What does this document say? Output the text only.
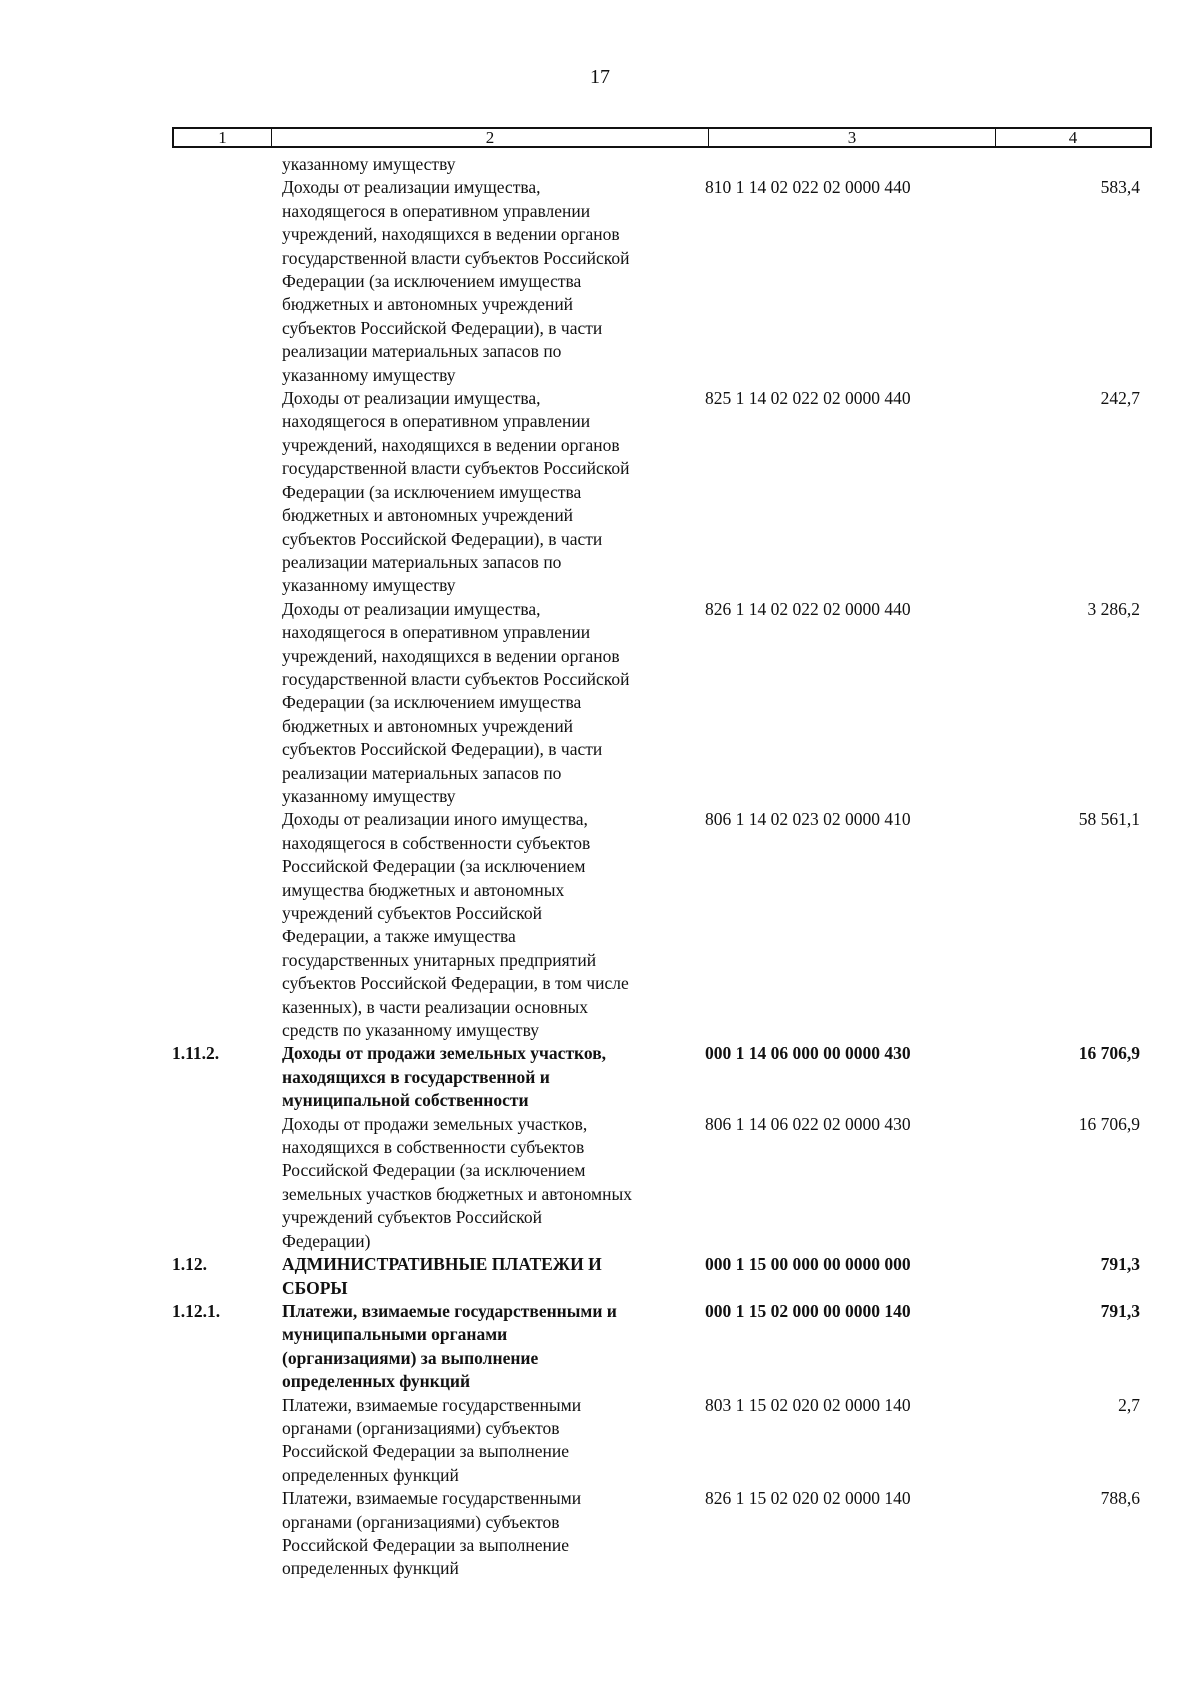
17
1	2	3	4
указанному имуществу
Доходы от реализации имущества,
находящегося в оперативном управлении
учреждений, находящихся в ведении органов
государственной власти субъектов Российской
Федерации (за исключением имущества
бюджетных и автономных учреждений
субъектов Российской Федерации), в части
реализации материальных запасов по
указанному имуществу
810 1 14 02 022 02 0000 440	583,4
Доходы от реализации имущества,
находящегося в оперативном управлении
учреждений, находящихся в ведении органов
государственной власти субъектов Российской
Федерации (за исключением имущества
бюджетных и автономных учреждений
субъектов Российской Федерации), в части
реализации материальных запасов по
указанному имуществу
825 1 14 02 022 02 0000 440	242,7
Доходы от реализации имущества,
находящегося в оперативном управлении
учреждений, находящихся в ведении органов
государственной власти субъектов Российской
Федерации (за исключением имущества
бюджетных и автономных учреждений
субъектов Российской Федерации), в части
реализации материальных запасов по
указанному имуществу
826 1 14 02 022 02 0000 440	3 286,2
Доходы от реализации иного имущества,
находящегося в собственности субъектов
Российской Федерации (за исключением
имущества бюджетных и автономных
учреждений субъектов Российской
Федерации, а также имущества
государственных унитарных предприятий
субъектов Российской Федерации, в том числе
казенных), в части реализации основных
средств по указанному имуществу
806 1 14 02 023 02 0000 410	58 561,1
1.11.2.	Доходы от продажи земельных участков,
находящихся в государственной и
муниципальной собственности
000 1 14 06 000 00 0000 430	16 706,9
Доходы от продажи земельных участков,
находящихся в собственности субъектов
Российской Федерации (за исключением
земельных участков бюджетных и автономных
учреждений субъектов Российской
Федерации)
806 1 14 06 022 02 0000 430	16 706,9
1.12.	АДМИНИСТРАТИВНЫЕ ПЛАТЕЖИ И
СБОРЫ
000 1 15 00 000 00 0000 000	791,3
1.12.1.	Платежи, взимаемые государственными и
муниципальными органами
(организациями) за выполнение
определенных функций
000 1 15 02 000 00 0000 140	791,3
Платежи, взимаемые государственными
органами (организациями) субъектов
Российской Федерации за выполнение
определенных функций
803 1 15 02 020 02 0000 140	2,7
Платежи, взимаемые государственными
органами (организациями) субъектов
Российской Федерации за выполнение
определенных функций
826 1 15 02 020 02 0000 140	788,6
